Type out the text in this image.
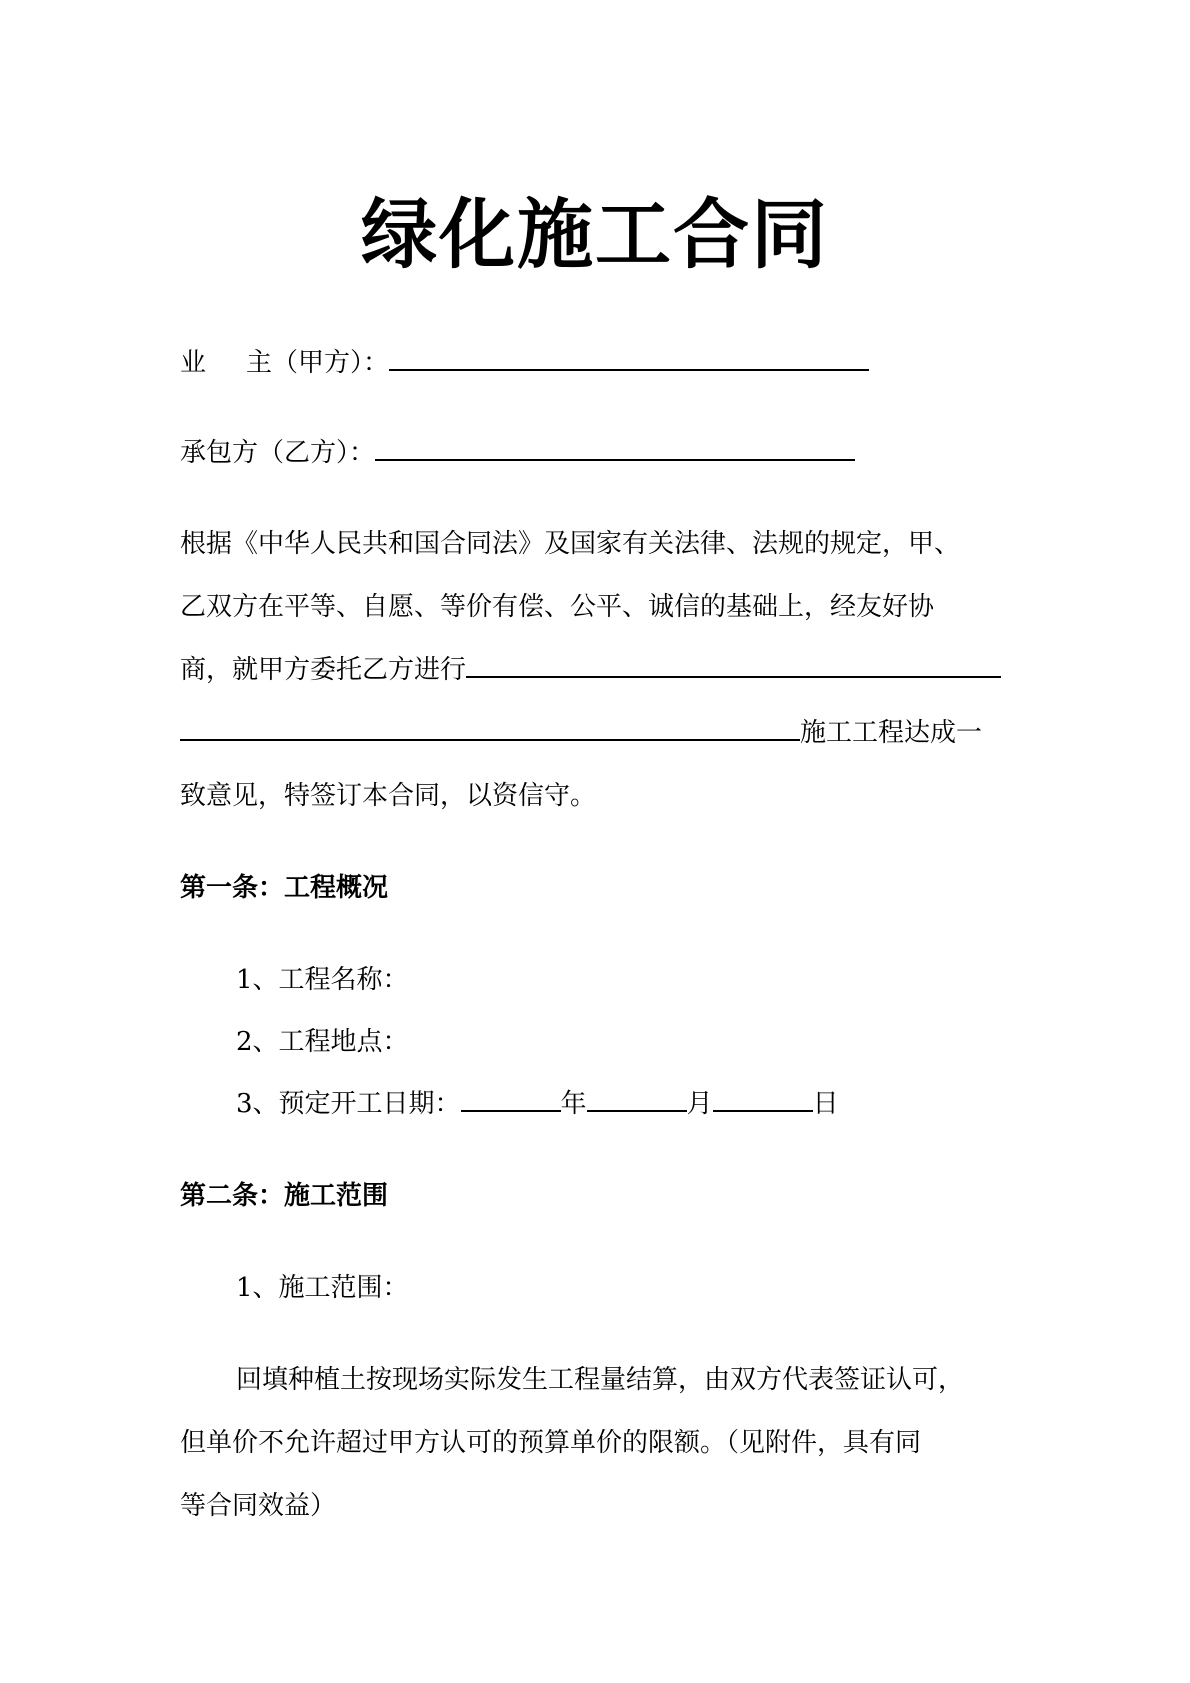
绿化施工合同
业 主（甲方）：
承包方（乙方）：
根据《中华人民共和国合同法》及国家有关法律、法规的规定，甲、
乙双方在平等、自愿、等价有偿、公平、诚信的基础上，经友好协
商，就甲方委托乙方进行
施工工程达成一
致意见，特签订本合同，以资信守。
第一条：工程概况
1、工程名称：
2、工程地点：
3、预定开工日期：	年	月	日
第二条：施工范围
1、施工范围：
回填种植土按现场实际发生工程量结算，由双方代表签证认可，
但单价不允许超过甲方认可的预算单价的限额。（见附件，具有同
等合同效益）
